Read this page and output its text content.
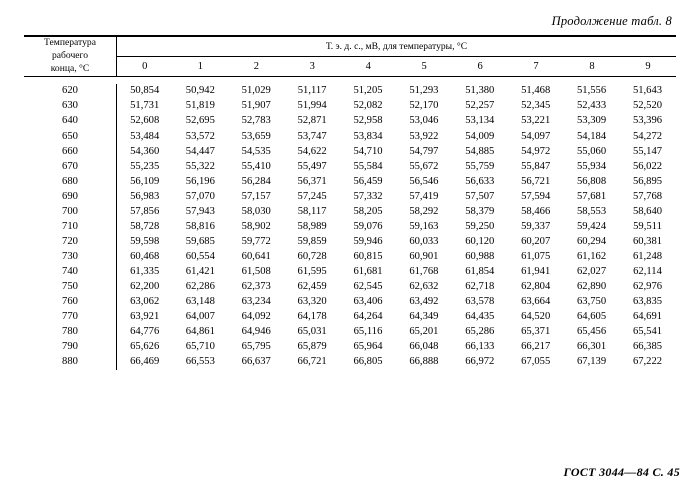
Продолжение табл. 8
Температура
рабочего
конца, °С	Т. э. д. с., мВ, для температуры, °С									
	0	1	2	3	4	5	6	7	8	9
620	50,854	50,942	51,029	51,117	51,205	51,293	51,380	51,468	51,556	51,643
630	51,731	51,819	51,907	51,994	52,082	52,170	52,257	52,345	52,433	52,520
640	52,608	52,695	52,783	52,871	52,958	53,046	53,134	53,221	53,309	53,396
650	53,484	53,572	53,659	53,747	53,834	53,922	54,009	54,097	54,184	54,272
660	54,360	54,447	54,535	54,622	54,710	54,797	54,885	54,972	55,060	55,147
670	55,235	55,322	55,410	55,497	55,584	55,672	55,759	55,847	55,934	56,022
680	56,109	56,196	56,284	56,371	56,459	56,546	56,633	56,721	56,808	56,895
690	56,983	57,070	57,157	57,245	57,332	57,419	57,507	57,594	57,681	57,768
700	57,856	57,943	58,030	58,117	58,205	58,292	58,379	58,466	58,553	58,640
710	58,728	58,816	58,902	58,989	59,076	59,163	59,250	59,337	59,424	59,511
720	59,598	59,685	59,772	59,859	59,946	60,033	60,120	60,207	60,294	60,381
730	60,468	60,554	60,641	60,728	60,815	60,901	60,988	61,075	61,162	61,248
740	61,335	61,421	61,508	61,595	61,681	61,768	61,854	61,941	62,027	62,114
750	62,200	62,286	62,373	62,459	62,545	62,632	62,718	62,804	62,890	62,976
760	63,062	63,148	63,234	63,320	63,406	63,492	63,578	63,664	63,750	63,835
770	63,921	64,007	64,092	64,178	64,264	64,349	64,435	64,520	64,605	64,691
780	64,776	64,861	64,946	65,031	65,116	65,201	65,286	65,371	65,456	65,541
790	65,626	65,710	65,795	65,879	65,964	66,048	66,133	66,217	66,301	66,385
880	66,469	66,553	66,637	66,721	66,805	66,888	66,972	67,055	67,139	67,222
ГОСТ 3044—84 С. 45
